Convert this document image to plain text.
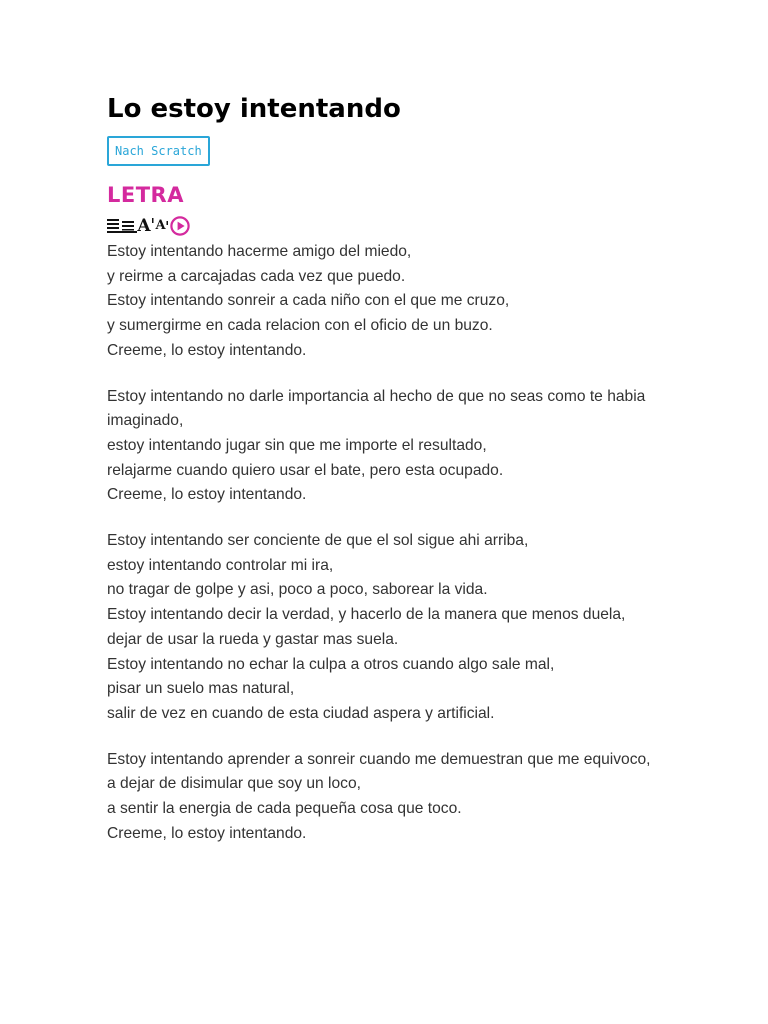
Lo estoy intentando
Nach Scratch
LETRA
A A
Estoy intentando hacerme amigo del miedo,
y reirme a carcajadas cada vez que puedo.
Estoy intentando sonreir a cada niño con el que me cruzo,
y sumergirme en cada relacion con el oficio de un buzo.
Creeme, lo estoy intentando.
Estoy intentando no darle importancia al hecho de que no seas como te habia imaginado,
estoy intentando jugar sin que me importe el resultado,
relajarme cuando quiero usar el bate, pero esta ocupado.
Creeme, lo estoy intentando.
Estoy intentando ser conciente de que el sol sigue ahi arriba,
estoy intentando controlar mi ira,
no tragar de golpe y asi, poco a poco, saborear la vida.
Estoy intentando decir la verdad, y hacerlo de la manera que menos duela,
dejar de usar la rueda y gastar mas suela.
Estoy intentando no echar la culpa a otros cuando algo sale mal,
pisar un suelo mas natural,
salir de vez en cuando de esta ciudad aspera y artificial.
Estoy intentando aprender a sonreir cuando me demuestran que me equivoco,
a dejar de disimular que soy un loco,
a sentir la energia de cada pequeña cosa que toco.
Creeme, lo estoy intentando.
